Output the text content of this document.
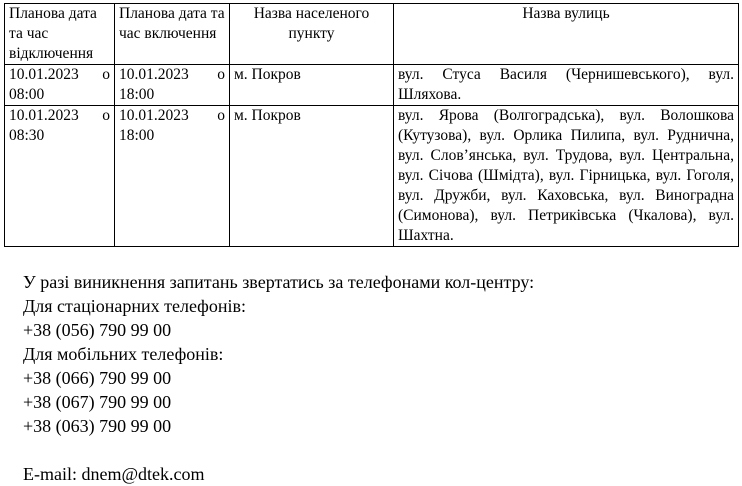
Планова дата та час відключення	Планова дата та час включення	Назва населеного пункту	Назва вулиць
10.01.2023 о 08:00	10.01.2023 о 18:00	м. Покров	вул. Стуса Василя (Чернишевського), вул. Шляхова.
10.01.2023 о 08:30	10.01.2023 о 18:00	м. Покров	вул. Ярова (Волгоградська), вул. Волошкова (Кутузова), вул. Орлика Пилипа, вул. Руднична, вул. Слов’янська, вул. Трудова, вул. Центральна, вул. Січова (Шмідта), вул. Гірницька, вул. Гоголя, вул. Дружби, вул. Каховська, вул. Виноградна (Симонова), вул. Петриківська (Чкалова), вул. Шахтна.
У разі виникнення запитань звертатись за телефонами кол-центру:
Для стаціонарних телефонів:
+38 (056) 790 99 00
Для мобільних телефонів:
+38 (066) 790 99 00
+38 (067) 790 99 00
+38 (063) 790 99 00
E-mail: dnem@dtek.com
